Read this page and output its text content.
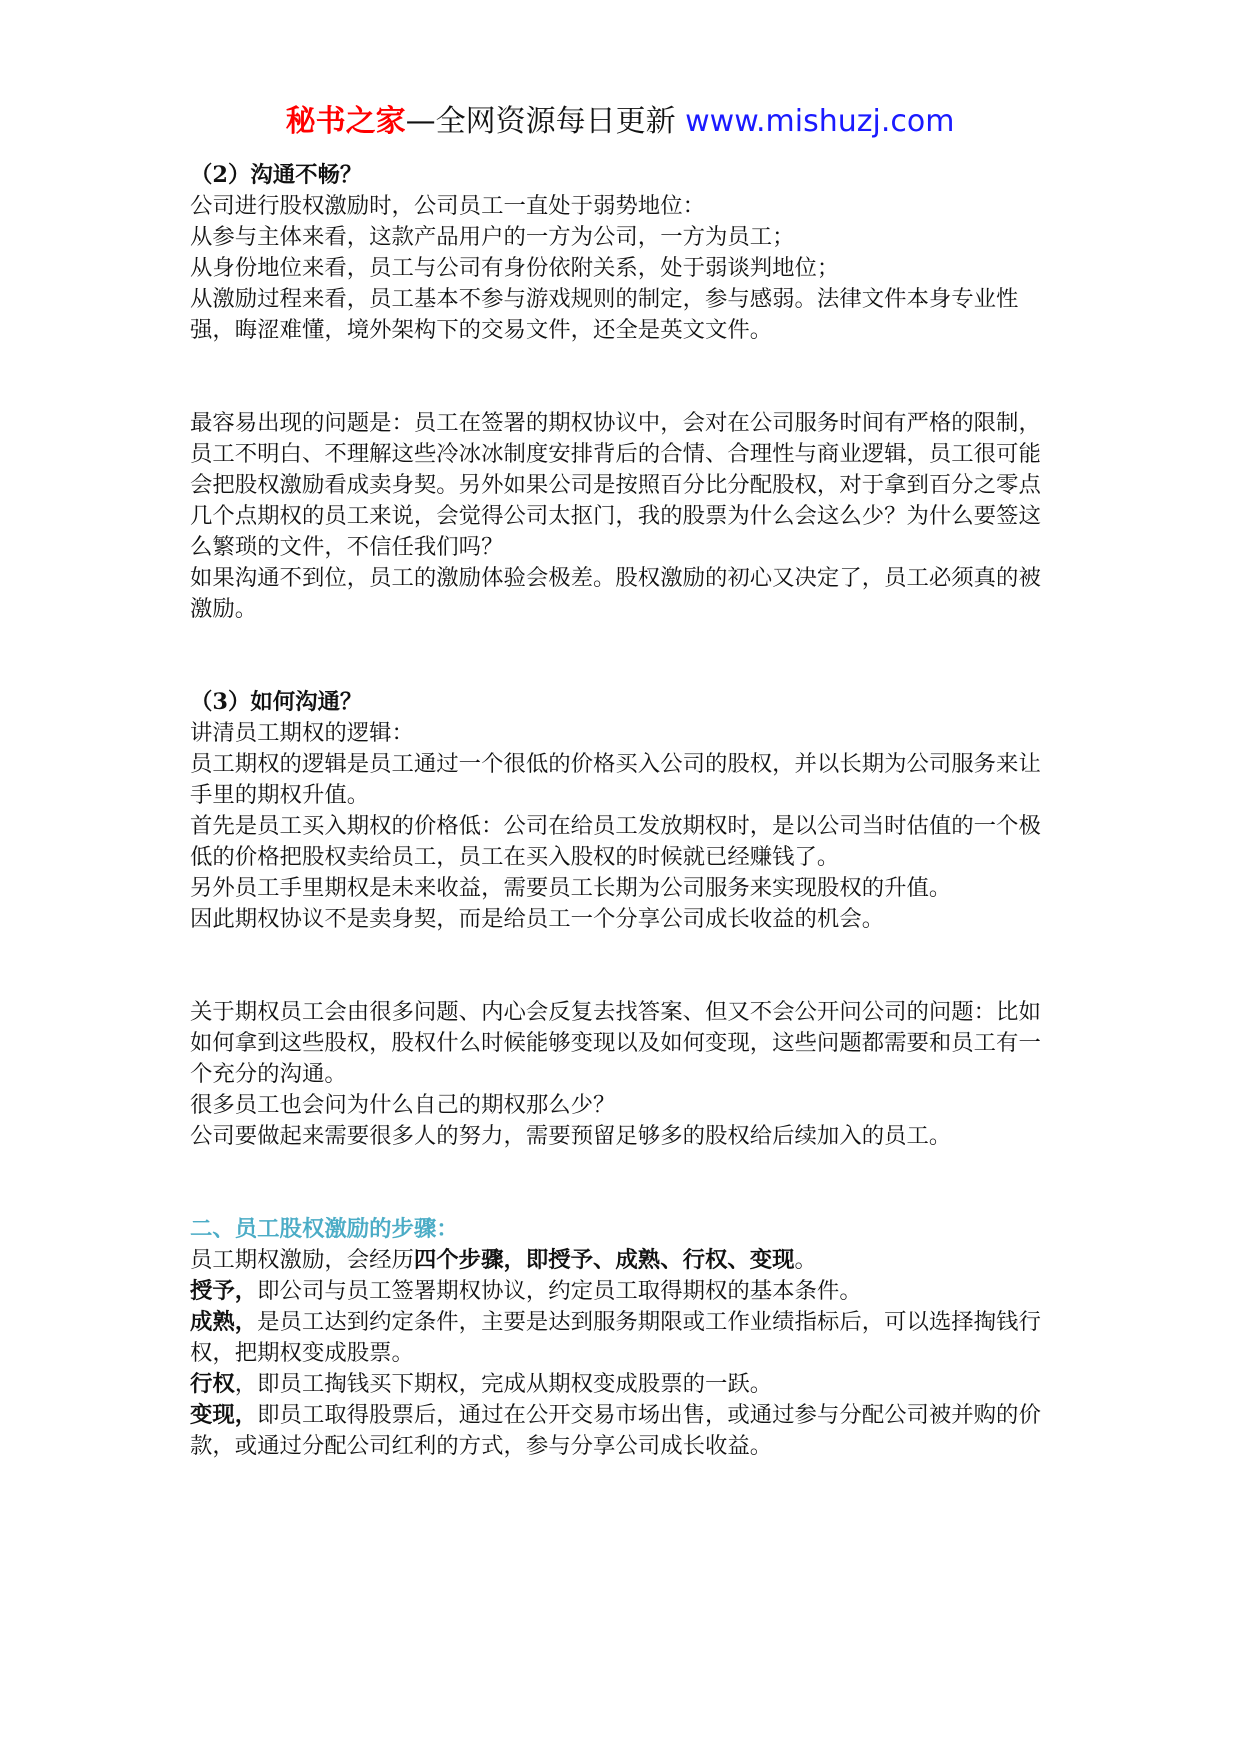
秘书之家—全网资源每日更新 www.mishuzj.com

（2）沟通不畅？

公司进行股权激励时，公司员工一直处于弱势地位：

从参与主体来看，这款产品用户的一方为公司，一方为员工；

从身份地位来看，员工与公司有身份依附关系，处于弱谈判地位；

从激励过程来看，员工基本不参与游戏规则的制定，参与感弱。法律文件本身专业性强，晦涩难懂，境外架构下的交易文件，还全是英文文件。

最容易出现的问题是：员工在签署的期权协议中，会对在公司服务时间有严格的限制，员工不明白、不理解这些冷冰冰制度安排背后的合情、合理性与商业逻辑，员工很可能会把股权激励看成卖身契。另外如果公司是按照百分比分配股权，对于拿到百分之零点几个点期权的员工来说，会觉得公司太抠门，我的股票为什么会这么少？为什么要签这么繁琐的文件，不信任我们吗？

如果沟通不到位，员工的激励体验会极差。股权激励的初心又决定了，员工必须真的被激励。

（3）如何沟通？

讲清员工期权的逻辑：

员工期权的逻辑是员工通过一个很低的价格买入公司的股权，并以长期为公司服务来让手里的期权升值。

首先是员工买入期权的价格低：公司在给员工发放期权时，是以公司当时估值的一个极低的价格把股权卖给员工，员工在买入股权的时候就已经赚钱了。

另外员工手里期权是未来收益，需要员工长期为公司服务来实现股权的升值。

因此期权协议不是卖身契，而是给员工一个分享公司成长收益的机会。

关于期权员工会由很多问题、内心会反复去找答案、但又不会公开问公司的问题：比如如何拿到这些股权，股权什么时候能够变现以及如何变现，这些问题都需要和员工有一个充分的沟通。

很多员工也会问为什么自己的期权那么少？

公司要做起来需要很多人的努力，需要预留足够多的股权给后续加入的员工。

二、员工股权激励的步骤：

员工期权激励，会经历四个步骤，即授予、成熟、行权、变现。

授予，即公司与员工签署期权协议，约定员工取得期权的基本条件。

成熟，是员工达到约定条件，主要是达到服务期限或工作业绩指标后，可以选择掏钱行权，把期权变成股票。

行权，即员工掏钱买下期权，完成从期权变成股票的一跃。

变现，即员工取得股票后，通过在公开交易市场出售，或通过参与分配公司被并购的价款，或通过分配公司红利的方式，参与分享公司成长收益。
